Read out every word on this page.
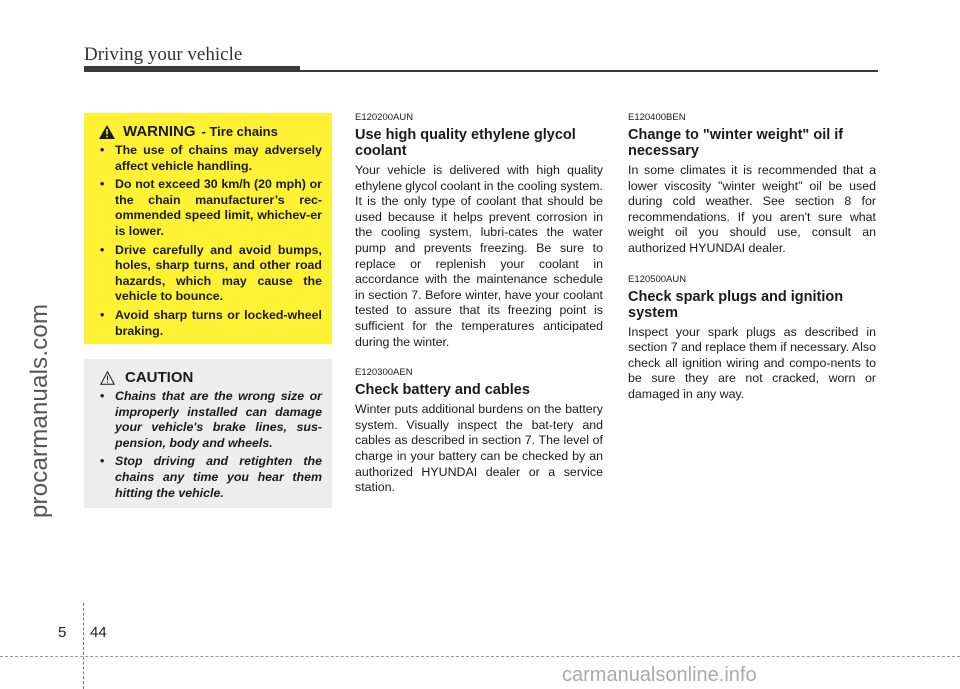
Driving your vehicle
procarmanuals.com
WARNING - Tire chains
• The use of chains may adversely affect vehicle handling.
• Do not exceed 30 km/h (20 mph) or the chain manufacturer’s rec-ommended speed limit, whichev-er is lower.
• Drive carefully and avoid bumps, holes, sharp turns, and other road hazards, which may cause the vehicle to bounce.
• Avoid sharp turns or locked-wheel braking.
CAUTION
• Chains that are the wrong size or improperly installed can damage your vehicle's brake lines, sus-pension, body and wheels.
• Stop driving and retighten the chains any time you hear them hitting the vehicle.
E120200AUN
Use high quality ethylene glycol coolant
Your vehicle is delivered with high quality ethylene glycol coolant in the cooling system. It is the only type of coolant that should be used because it helps prevent corrosion in the cooling system, lubri-cates the water pump and prevents freezing. Be sure to replace or replenish your coolant in accordance with the maintenance schedule in section 7. Before winter, have your coolant tested to assure that its freezing point is sufficient for the temperatures anticipated during the winter.
E120300AEN
Check battery and cables
Winter puts additional burdens on the battery system. Visually inspect the bat-tery and cables as described in section 7. The level of charge in your battery can be checked by an authorized HYUNDAI dealer or a service station.
E120400BEN
Change to "winter weight" oil if necessary
In some climates it is recommended that a lower viscosity "winter weight" oil be used during cold weather. See section 8 for recommendations. If you aren't sure what weight oil you should use, consult an authorized HYUNDAI dealer.
E120500AUN
Check spark plugs and ignition system
Inspect your spark plugs as described in section 7 and replace them if necessary. Also check all ignition wiring and compo-nents to be sure they are not cracked, worn or damaged in any way.
5 44
carmanualsonline.info
